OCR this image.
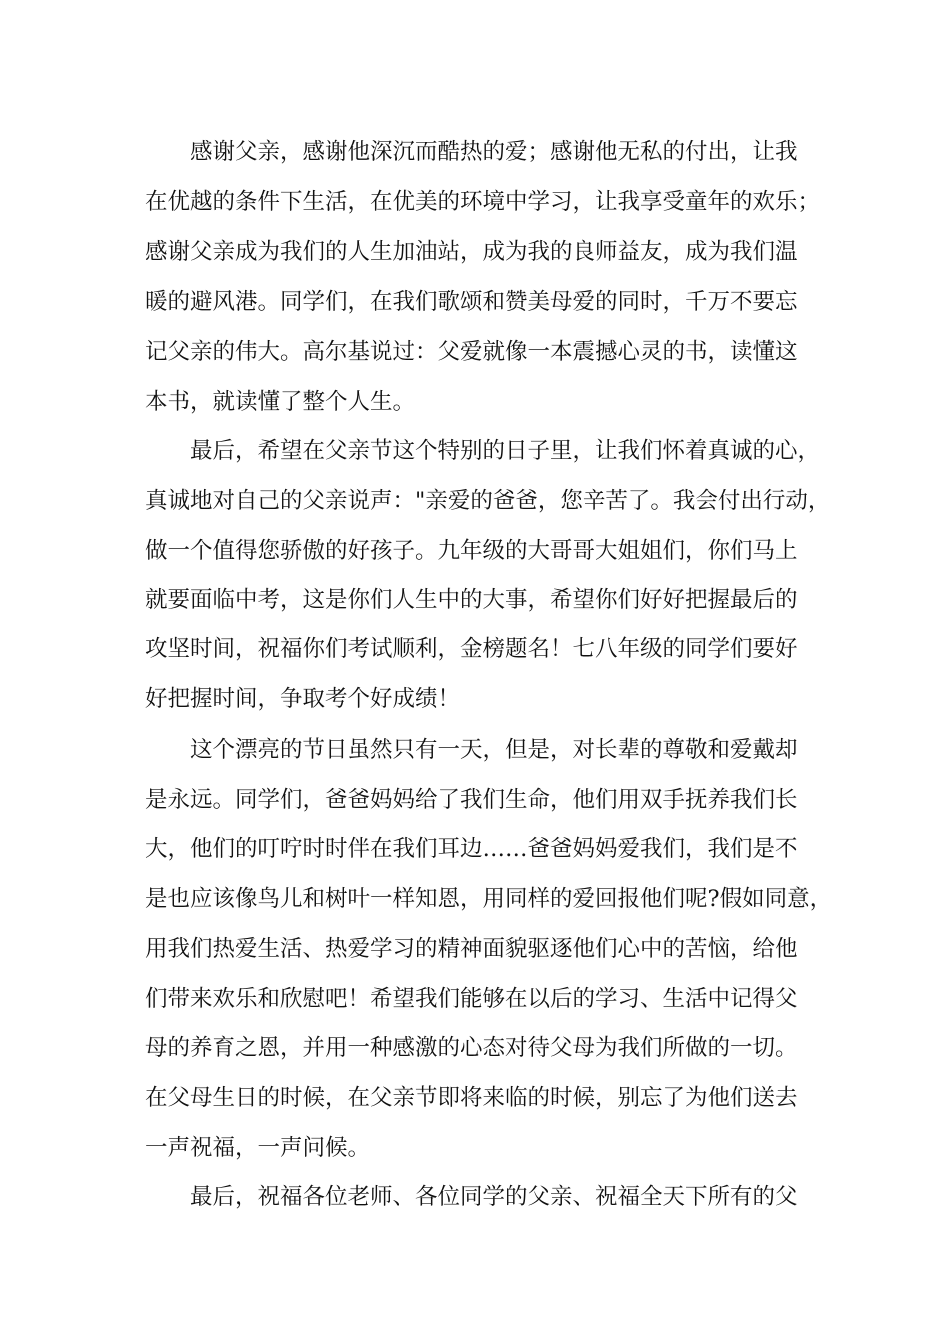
感谢父亲，感谢他深沉而酷热的爱；感谢他无私的付出，让我
在优越的条件下生活，在优美的环境中学习，让我享受童年的欢乐；
感谢父亲成为我们的人生加油站，成为我的良师益友，成为我们温
暖的避风港。同学们，在我们歌颂和赞美母爱的同时，千万不要忘
记父亲的伟大。高尔基说过：父爱就像一本震撼心灵的书，读懂这
本书，就读懂了整个人生。
最后，希望在父亲节这个特别的日子里，让我们怀着真诚的心，
真诚地对自己的父亲说声："亲爱的爸爸，您辛苦了。我会付出行动，
做一个值得您骄傲的好孩子。九年级的大哥哥大姐姐们，你们马上
就要面临中考，这是你们人生中的大事，希望你们好好把握最后的
攻坚时间，祝福你们考试顺利，金榜题名！七八年级的同学们要好
好把握时间，争取考个好成绩！
这个漂亮的节日虽然只有一天，但是，对长辈的尊敬和爱戴却
是永远。同学们，爸爸妈妈给了我们生命，他们用双手抚养我们长
大，他们的叮咛时时伴在我们耳边……爸爸妈妈爱我们，我们是不
是也应该像鸟儿和树叶一样知恩，用同样的爱回报他们呢?假如同意，
用我们热爱生活、热爱学习的精神面貌驱逐他们心中的苦恼，给他
们带来欢乐和欣慰吧！希望我们能够在以后的学习、生活中记得父
母的养育之恩，并用一种感激的心态对待父母为我们所做的一切。
在父母生日的时候，在父亲节即将来临的时候，别忘了为他们送去
一声祝福，一声问候。
最后，祝福各位老师、各位同学的父亲、祝福全天下所有的父
